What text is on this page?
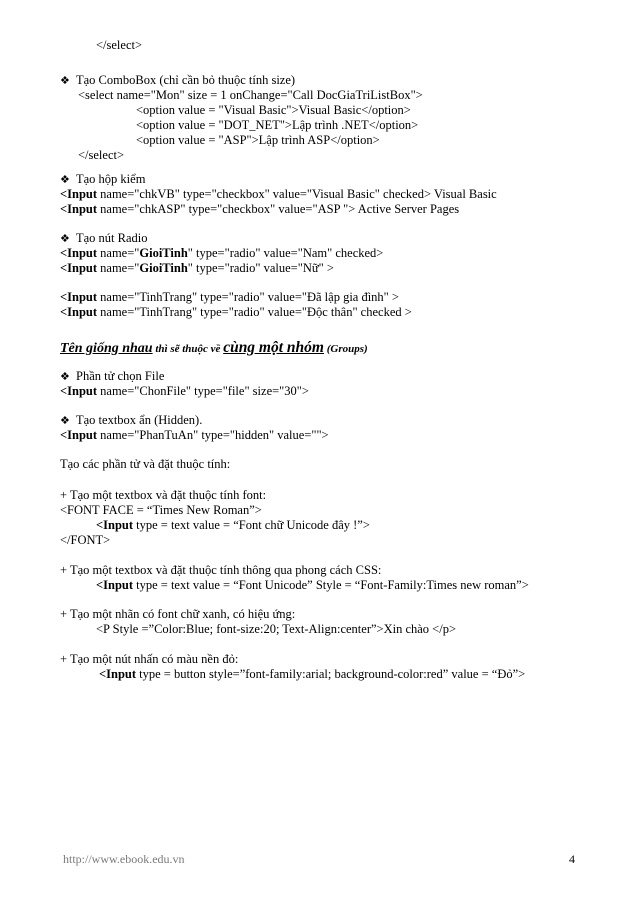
</select>
❖ Tạo ComboBox (chỉ cần bỏ thuộc tính size)
<select name="Mon" size = 1 onChange="Call DocGiaTriListBox">
<option value = "Visual Basic">Visual Basic</option>
<option value = "DOT_NET">Lập trình .NET</option>
<option value = "ASP">Lập trình ASP</option>
</select>
❖ Tạo hộp kiểm
<Input name="chkVB" type="checkbox" value="Visual Basic" checked> Visual Basic
<Input name="chkASP" type="checkbox" value="ASP "> Active Server Pages
❖ Tạo nút Radio
<Input name="GioiTinh" type="radio" value="Nam" checked>
<Input name="GioiTinh" type="radio" value="Nữ" >
<Input name="TinhTrang" type="radio" value="Đã lập gia đình" >
<Input name="TinhTrang" type="radio" value="Độc thân" checked >
Tên giống nhau thì sẽ thuộc về cùng một nhóm (Groups)
❖ Phần tử chọn File
<Input name="ChonFile" type="file" size="30">
❖ Tạo textbox ẩn (Hidden).
<Input name="PhanTuAn" type="hidden" value="">
Tạo các phần tử và đặt thuộc tính:
+ Tạo một textbox và đặt thuộc tính font:
<FONT FACE = “Times New Roman”>
<Input type = text value = “Font chữ Unicode đây !”>
</FONT>
+ Tạo một textbox và đặt thuộc tính thông qua phong cách CSS:
<Input type = text value = “Font Unicode” Style = “Font-Family:Times new roman”>
+ Tạo một nhãn có font chữ xanh, có hiệu ứng:
<P Style =”Color:Blue; font-size:20; Text-Align:center”>Xin chào </p>
+ Tạo một nút nhấn có màu nền đỏ:
<Input type = button style=”font-family:arial; background-color:red” value = “Đỏ”>
http://www.ebook.edu.vn	4
